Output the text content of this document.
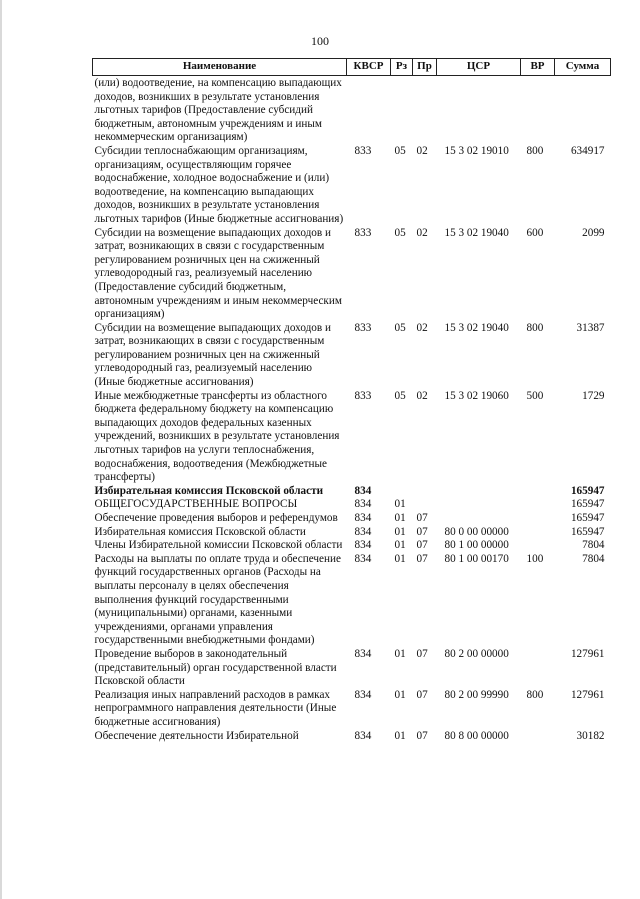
100
Наименование	КВСР	Рз	Пр	ЦСР	ВР	Сумма
(или) водоотведение, на компенсацию выпадающих доходов, возникших в результате установления льготных тарифов (Предоставление субсидий бюджетным, автономным учреждениям и иным некоммерческим организациям)						
Субсидии теплоснабжающим организациям, организациям, осуществляющим горячее водоснабжение, холодное водоснабжение и (или) водоотведение, на компенсацию выпадающих доходов, возникших в результате установления льготных тарифов (Иные бюджетные ассигнования)	833	05	02	15 3 02 19010	800	634917
Субсидии на возмещение выпадающих доходов и затрат, возникающих в связи с государственным регулированием розничных цен на сжиженный углеводородный газ, реализуемый населению (Предоставление субсидий бюджетным, автономным учреждениям и иным некоммерческим организациям)	833	05	02	15 3 02 19040	600	2099
Субсидии на возмещение выпадающих доходов и затрат, возникающих в связи с государственным регулированием розничных цен на сжиженный углеводородный газ, реализуемый населению (Иные бюджетные ассигнования)	833	05	02	15 3 02 19040	800	31387
Иные межбюджетные трансферты из областного бюджета федеральному бюджету на компенсацию выпадающих доходов федеральных казенных учреждений, возникших в результате установления льготных тарифов на услуги теплоснабжения, водоснабжения, водоотведения (Межбюджетные трансферты)	833	05	02	15 3 02 19060	500	1729
Избирательная комиссия Псковской области	834					165947
ОБЩЕГОСУДАРСТВЕННЫЕ ВОПРОСЫ	834	01				165947
Обеспечение проведения выборов и референдумов	834	01	07			165947
Избирательная комиссия Псковской области	834	01	07	80 0 00 00000		165947
Члены Избирательной комиссии Псковской области	834	01	07	80 1 00 00000		7804
Расходы на выплаты по оплате труда и обеспечение функций государственных органов (Расходы на выплаты персоналу в целях обеспечения выполнения функций государственными (муниципальными) органами, казенными учреждениями, органами управления государственными внебюджетными фондами)	834	01	07	80 1 00 00170	100	7804
Проведение выборов в законодательный (представительный) орган государственной власти Псковской области	834	01	07	80 2 00 00000		127961
Реализация иных направлений расходов в рамках непрограммного направления деятельности (Иные бюджетные ассигнования)	834	01	07	80 2 00 99990	800	127961
Обеспечение деятельности Избирательной	834	01	07	80 8 00 00000		30182
